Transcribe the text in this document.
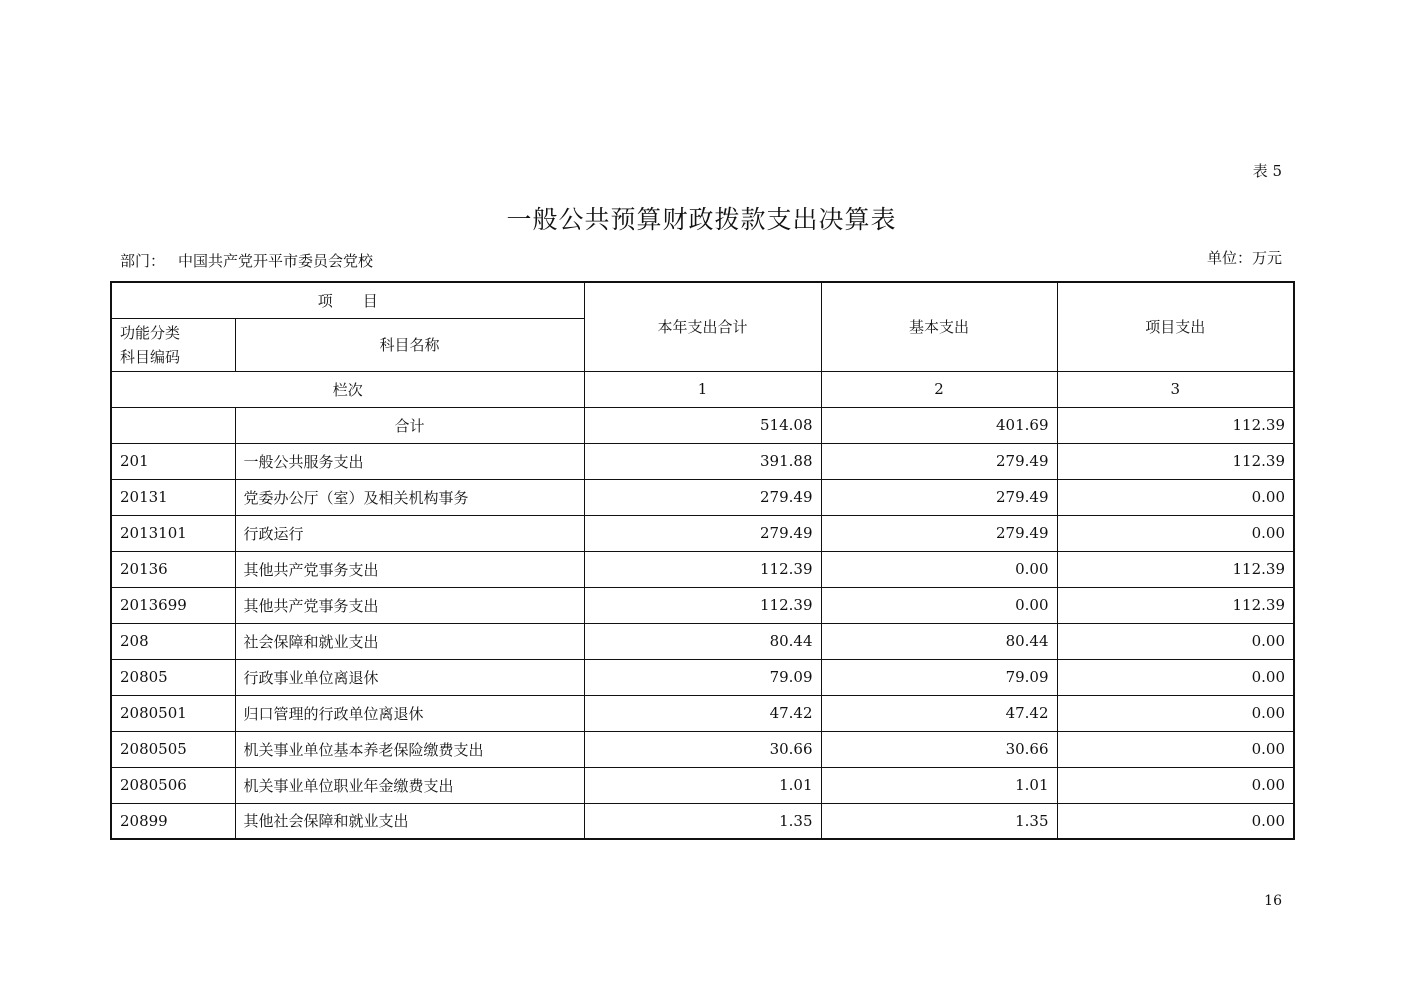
表 5
一般公共预算财政拨款支出决算表
部门： 中国共产党开平市委员会党校	单位：万元
项　　目		本年支出合计	基本支出	项目支出

功能分类
科目编码	科目名称			
栏次		1	2	3
	合计	514.08	401.69	112.39
201	一般公共服务支出	391.88	279.49	112.39
20131	党委办公厅（室）及相关机构事务	279.49	279.49	0.00
2013101	行政运行	279.49	279.49	0.00
20136	其他共产党事务支出	112.39	0.00	112.39
2013699	其他共产党事务支出	112.39	0.00	112.39
208	社会保障和就业支出	80.44	80.44	0.00
20805	行政事业单位离退休	79.09	79.09	0.00
2080501	归口管理的行政单位离退休	47.42	47.42	0.00
2080505	机关事业单位基本养老保险缴费支出	30.66	30.66	0.00
2080506	机关事业单位职业年金缴费支出	1.01	1.01	0.00
20899	其他社会保障和就业支出	1.35	1.35	0.00
16
